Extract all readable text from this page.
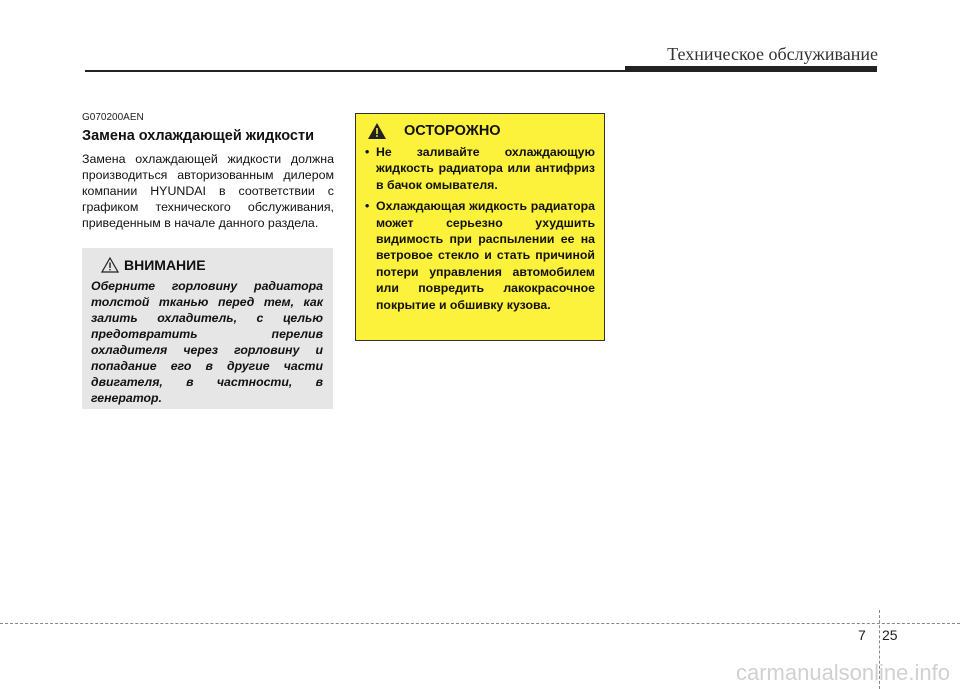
Техническое обслуживание

G070200AEN

Замена охлаждающей жидкости

Замена охлаждающей жидкости должна производиться авторизованным дилером компании HYUNDAI в соответствии с графиком технического обслуживания, приведенным в начале данного раздела.

ВНИМАНИЕ

Оберните горловину радиатора толстой тканью перед тем, как залить охладитель, с целью предотвратить перелив охладителя через горловину и попадание его в другие части двигателя, в частности, в генератор.

ОСТОРОЖНО
• Не заливайте охлаждающую жидкость радиатора или антифриз в бачок омывателя.
• Охлаждающая жидкость радиатора может серьезно ухудшить видимость при распылении ее на ветровое стекло и стать причиной потери управления автомобилем или повредить лакокрасочное покрытие и обшивку кузова.
7 25
carmanualsonline.info
